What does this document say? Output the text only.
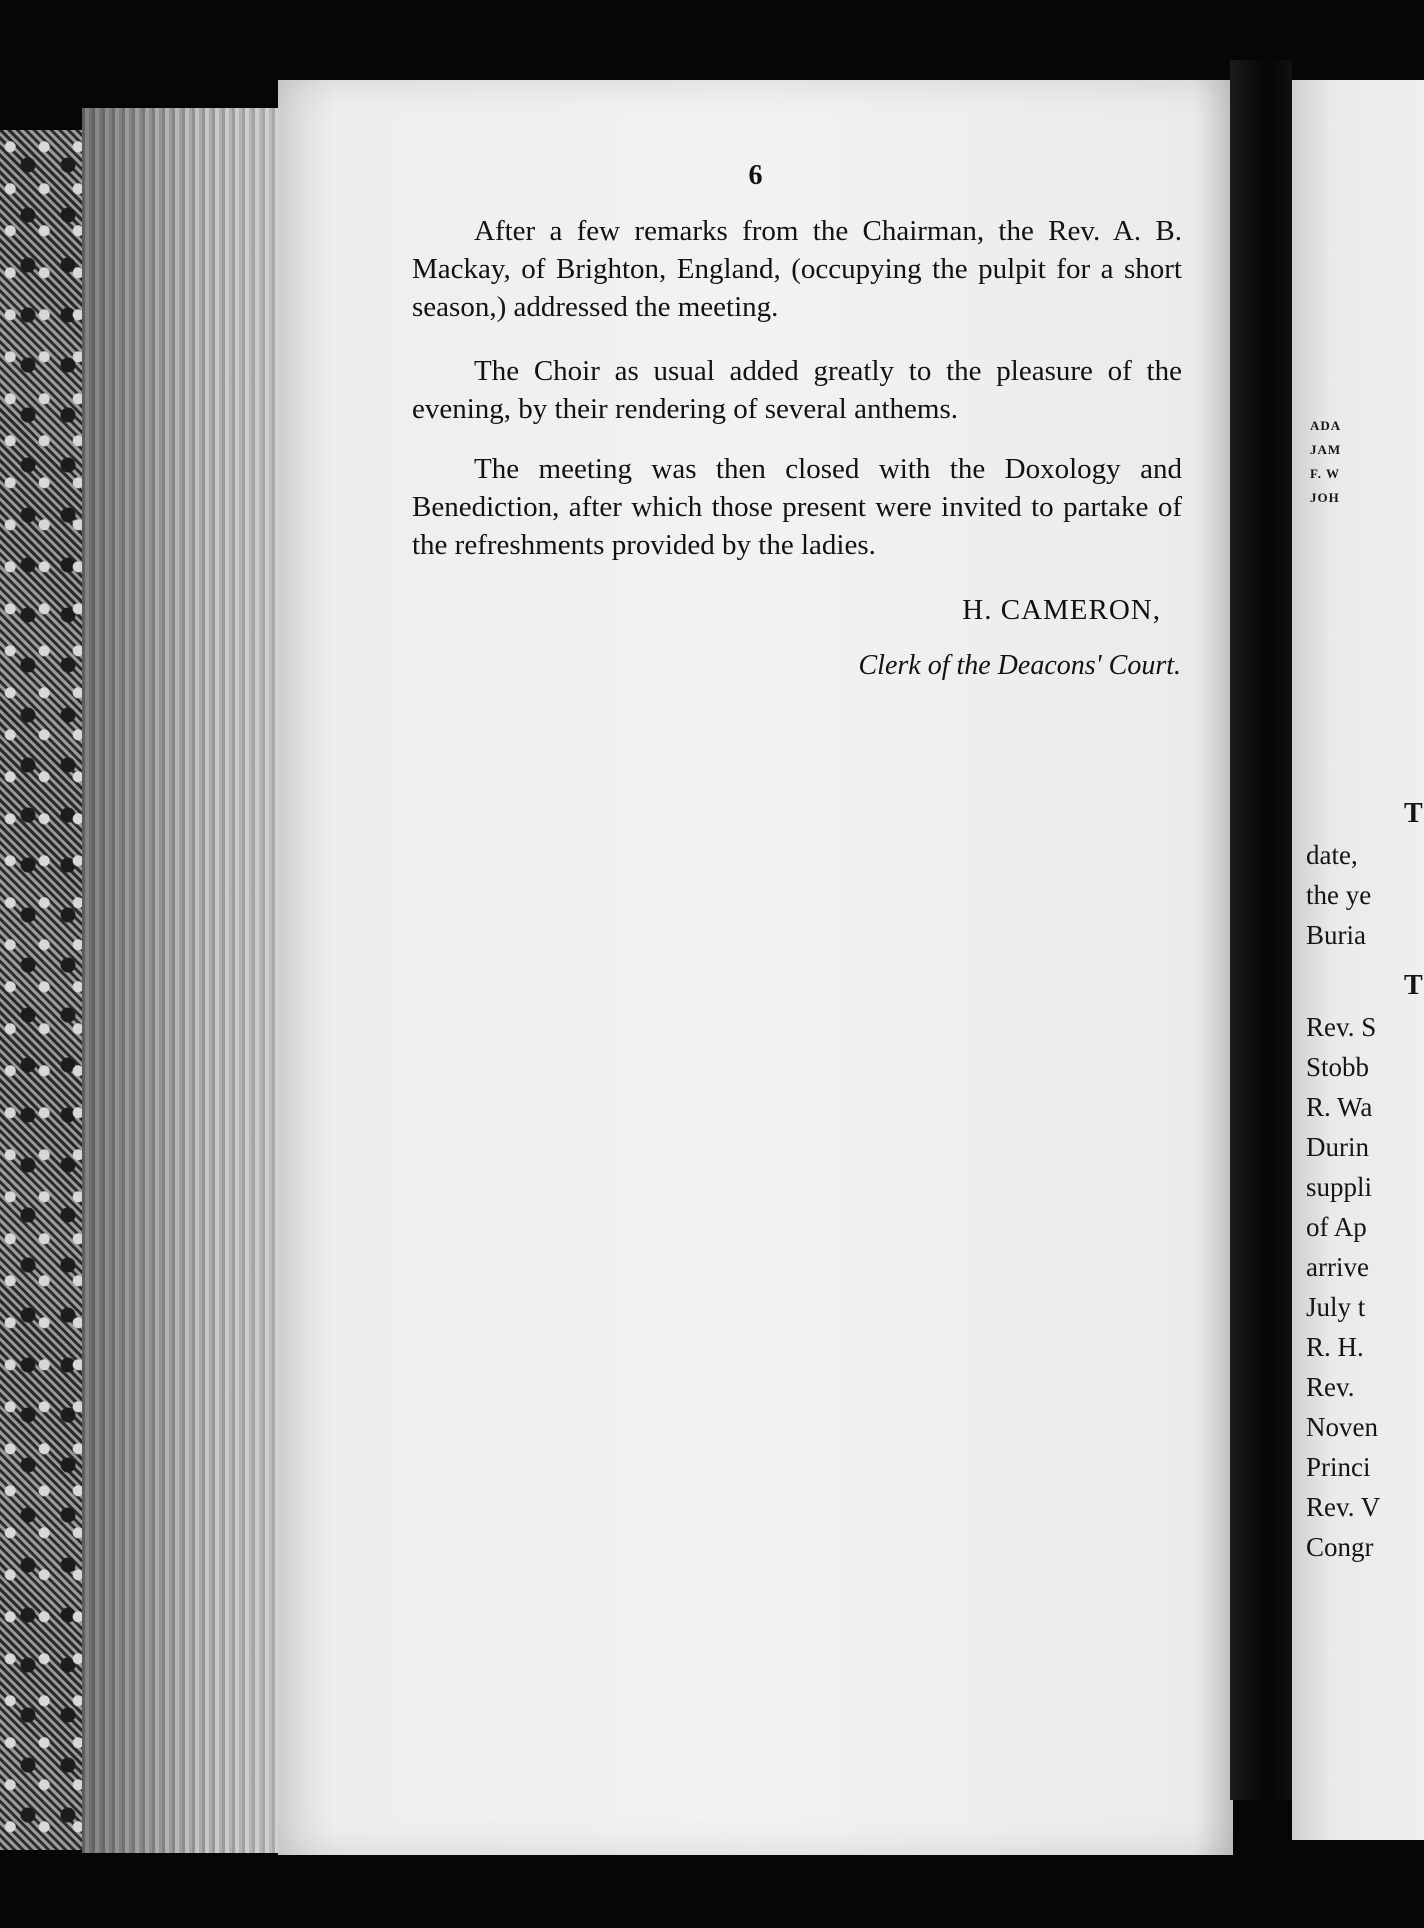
6

After a few remarks from the Chairman, the Rev. A. B. Mackay, of Brighton, England, (occupying the pulpit for a short season,) addressed the meeting.

The Choir as usual added greatly to the pleasure of the evening, by their rendering of several anthems.

The meeting was then closed with the Doxology and Benediction, after which those present were invited to partake of the refreshments provided by the ladies.

H. CAMERON,
Clerk of the Deacons' Court.
ADA
JAM
F. W
JOH
T
date,
the ye
Buria
T
Rev. S
Stobb
R. Wa
Durin
suppli
of Ap
arrive
July t
R. H.
Rev.
Noven
Princi
Rev. V
Congr
